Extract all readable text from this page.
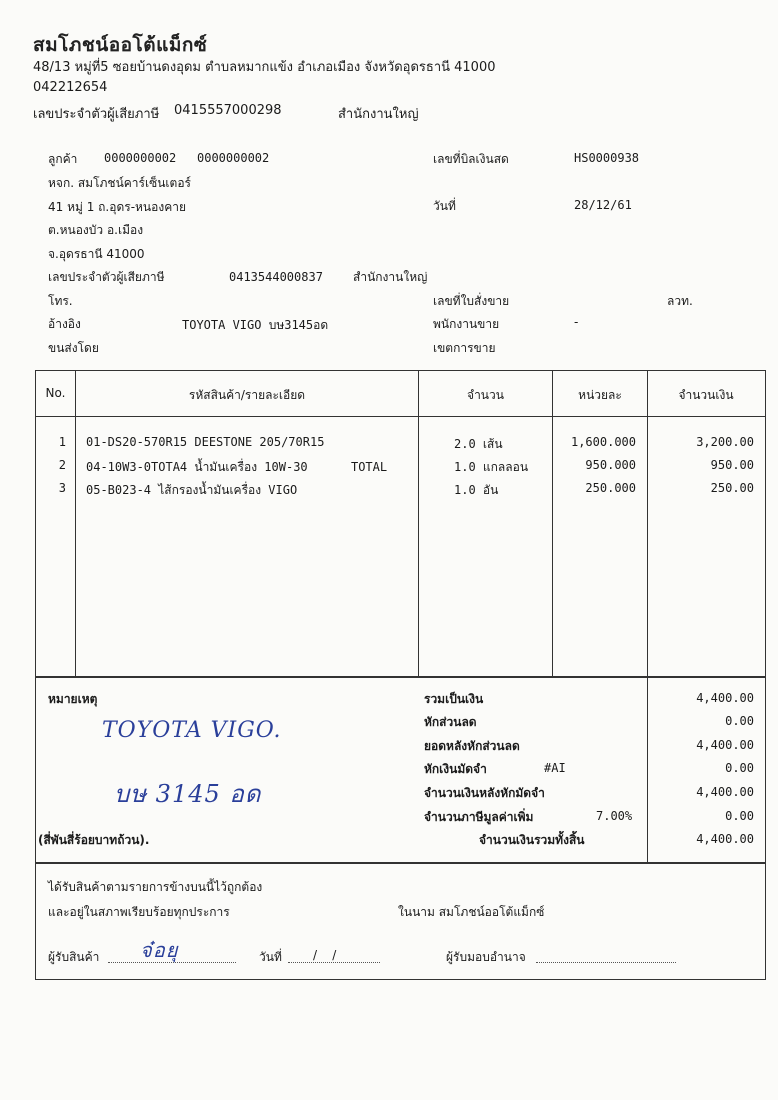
สมโภชน์ออโต้แม็กซ์
48/13 หมู่ที่5 ซอยบ้านดงอุดม ตำบลหมากแข้ง อำเภอเมือง จังหวัดอุดรธานี 41000
042212654
เลขประจำตัวผู้เสียภาษี 0415557000298	สำนักงานใหญ่
ลูกค้า 0000000002 0000000002
หจก. สมโภชน์คาร์เซ็นเตอร์
41 หมู่ 1 ถ.อุดร-หนองคาย
ต.หนองบัว อ.เมือง
จ.อุดรธานี 41000
เลขประจำตัวผู้เสียภาษี	0413544000837	สำนักงานใหญ่
โทร.
อ้างอิง	TOYOTA VIGO บษ3145อด
ขนส่งโดย
เลขที่บิลเงินสด	HS0000938
วันที่	28/12/61
เลขที่ใบสั่งขาย	ลวท.
พนักงานขาย	-
เขตการขาย
No.	รหัสสินค้า/รายละเอียด	จำนวน	หน่วยละ	จำนวนเงิน
1 01-DS20-570R15 DEESTONE 205/70R15	2.0 เส้น	1,600.000	3,200.00
2 04-10W3-0TOTA4 น้ำมันเครื่อง 10W-30      TOTAL	1.0 แกลลอน	950.000	950.00
3 05-B023-4 ไส้กรองน้ำมันเครื่อง VIGO	1.0 อัน	250.000	250.00
หมายเหตุ
TOYOTA VIGO.
บษ 3145 อด
(สี่พันสี่ร้อยบาทถ้วน).
รวมเป็นเงิน	4,400.00
หักส่วนลด	0.00
ยอดหลังหักส่วนลด	4,400.00
หักเงินมัดจำ	#AI	0.00
จำนวนเงินหลังหักมัดจำ	4,400.00
จำนวนภาษีมูลค่าเพิ่ม	7.00%	0.00
จำนวนเงินรวมทั้งสิ้น	4,400.00
ได้รับสินค้าตามรายการข้างบนนี้ไว้ถูกต้อง
และอยู่ในสภาพเรียบร้อยทุกประการ	ในนาม สมโภชน์ออโต้แม็กซ์
ผู้รับสินค้า จ๋อยุ	วันที่	/    /	ผู้รับมอบอำนาจ
